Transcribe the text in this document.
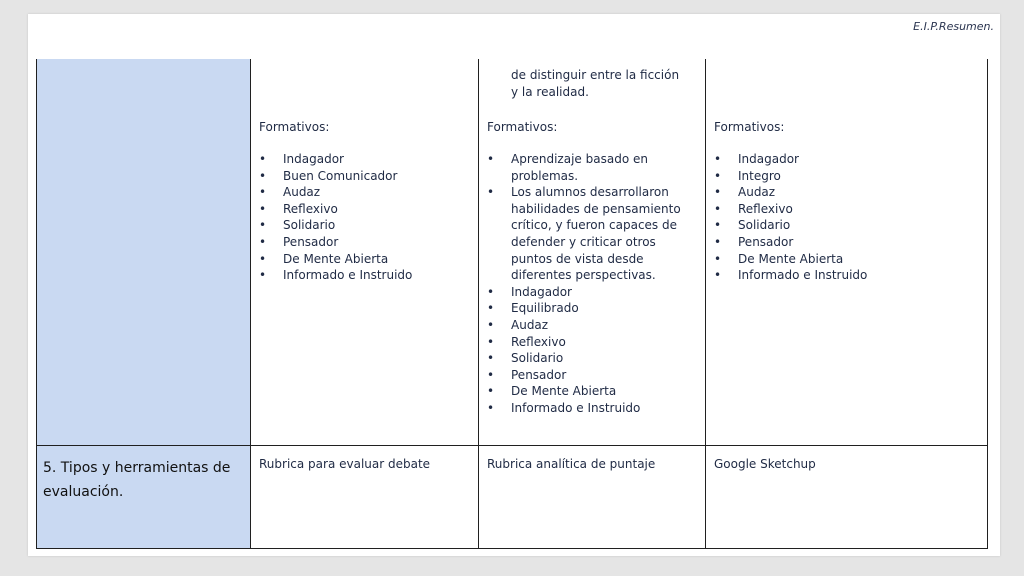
E.I.P.Resumen.
5. Tipos y herramientas de evaluación.
Formativos:
• Indagador
• Buen Comunicador
• Audaz
• Reflexivo
• Solidario
• Pensador
• De Mente Abierta
• Informado e Instruido
de distinguir entre la ficción
y la realidad.
Formativos:
• Aprendizaje basado en problemas.
• Los alumnos desarrollaron habilidades de pensamiento crítico, y fueron capaces de defender y criticar otros puntos de vista desde diferentes perspectivas.
• Indagador
• Equilibrado
• Audaz
• Reflexivo
• Solidario
• Pensador
• De Mente Abierta
• Informado e Instruido
Formativos:
• Indagador
• Integro
• Audaz
• Reflexivo
• Solidario
• Pensador
• De Mente Abierta
• Informado e Instruido
Rubrica para evaluar debate	Rubrica analítica de puntaje	Google Sketchup
